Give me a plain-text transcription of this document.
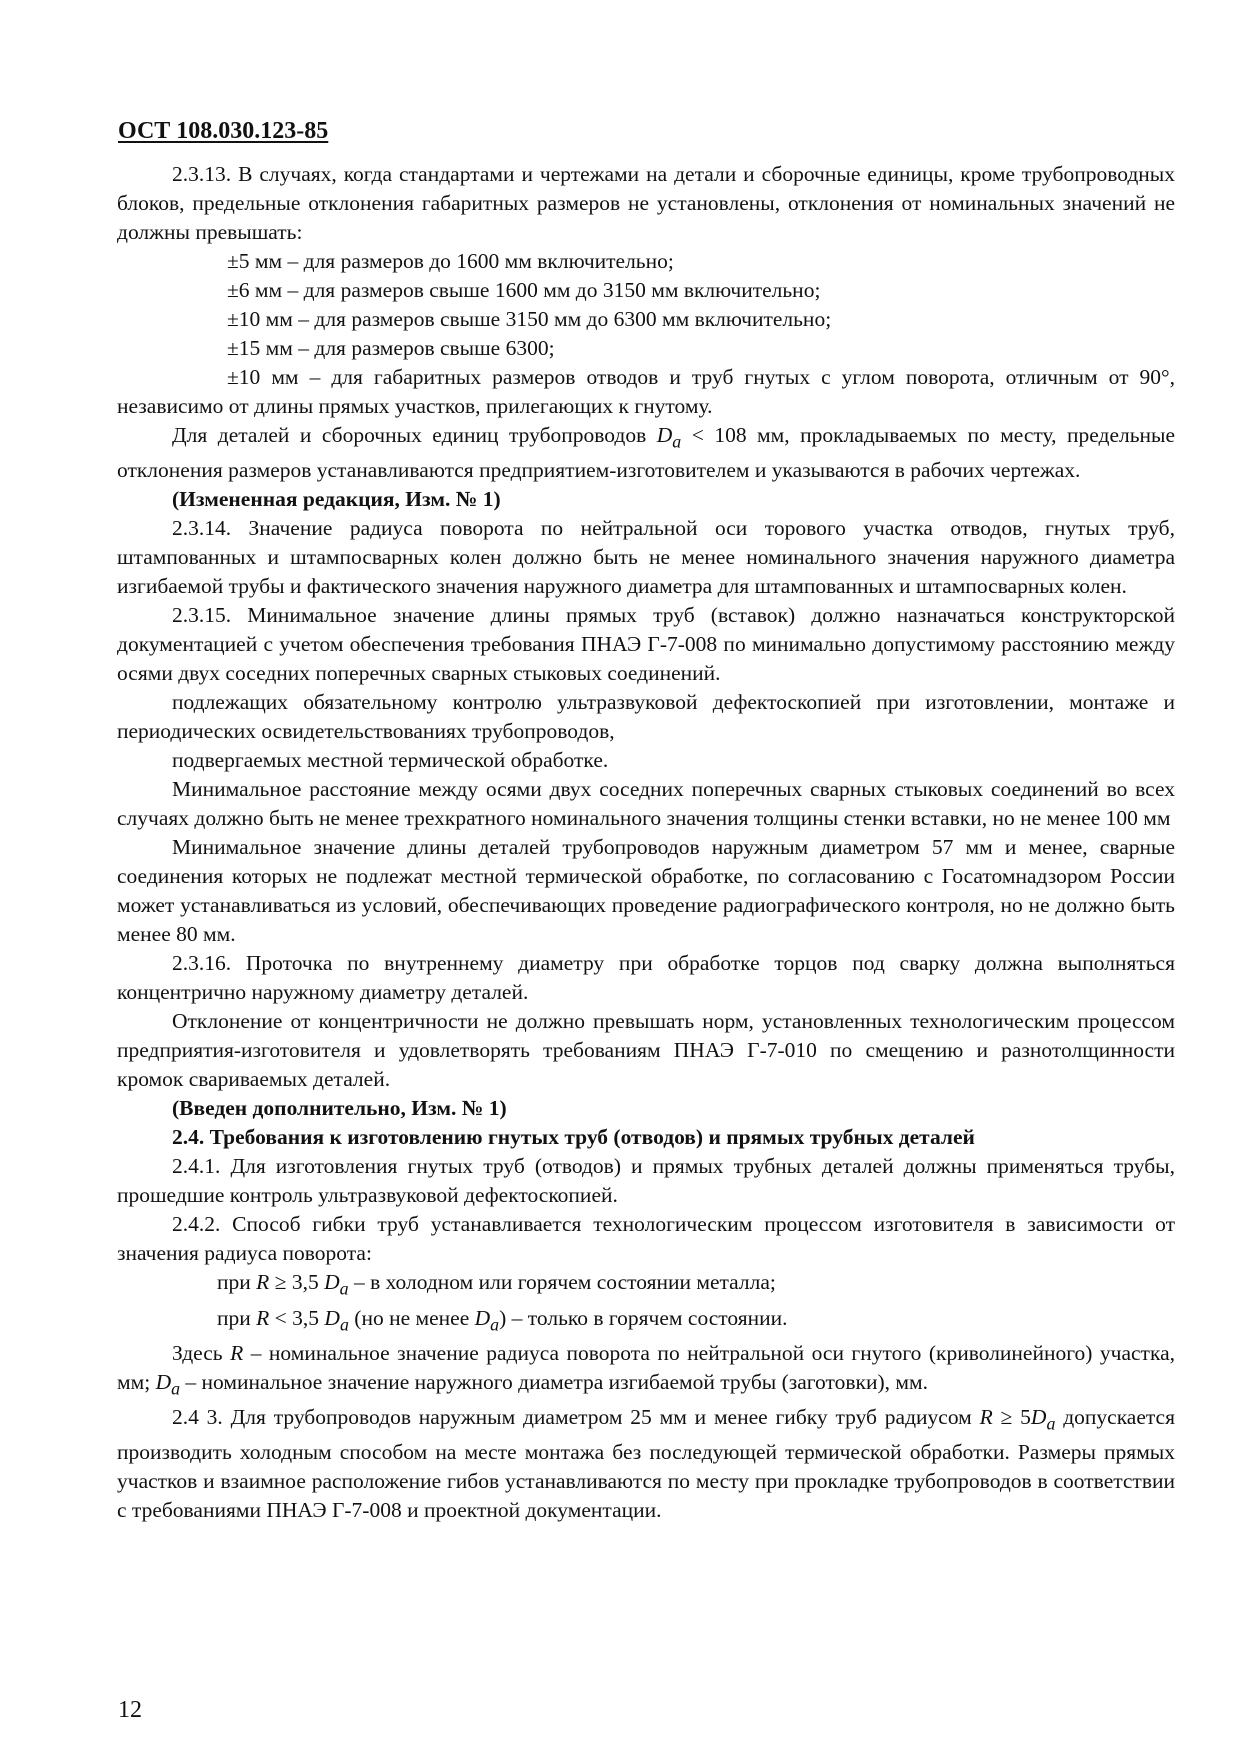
ОСТ 108.030.123-85

2.3.13. В случаях, когда стандартами и чертежами на детали и сборочные единицы, кроме трубопроводных блоков, предельные отклонения габаритных размеров не установлены, отклонения от номинальных значений не должны превышать:

±5 мм – для размеров до 1600 мм включительно;

±6 мм – для размеров свыше 1600 мм до 3150 мм включительно;

±10 мм – для размеров свыше 3150 мм до 6300 мм включительно;

±15 мм – для размеров свыше 6300;

±10 мм – для габаритных размеров отводов и труб гнутых с углом поворота, отличным от 90°, независимо от длины прямых участков, прилегающих к гнутому.

Для деталей и сборочных единиц трубопроводов $D_a < 108$ мм, прокладываемых по месту, предельные отклонения размеров устанавливаются предприятием-изготовителем и указываются в рабочих чертежах.

(Измененная редакция, Изм. № 1)

2.3.14. Значение радиуса поворота по нейтральной оси торового участка отводов, гнутых труб, штампованных и штампосварных колен должно быть не менее номинального значения наружного диаметра изгибаемой трубы и фактического значения наружного диаметра для штампованных и штампосварных колен.

2.3.15. Минимальное значение длины прямых труб (вставок) должно назначаться конструкторской документацией с учетом обеспечения требования ПНАЭ Г-7-008 по минимально допустимому расстоянию между осями двух соседних поперечных сварных стыковых соединений.

подлежащих обязательному контролю ультразвуковой дефектоскопией при изготовлении, монтаже и периодических освидетельствованиях трубопроводов,

подвергаемых местной термической обработке.

Минимальное расстояние между осями двух соседних поперечных сварных стыковых соединений во всех случаях должно быть не менее трехкратного номинального значения толщины стенки вставки, но не менее 100 мм

Минимальное значение длины деталей трубопроводов наружным диаметром 57 мм и менее, сварные соединения которых не подлежат местной термической обработке, по согласованию с Госатомнадзором России может устанавливаться из условий, обеспечивающих проведение радиографического контроля, но не должно быть менее 80 мм.

2.3.16. Проточка по внутреннему диаметру при обработке торцов под сварку должна выполняться концентрично наружному диаметру деталей.

Отклонение от концентричности не должно превышать норм, установленных технологическим процессом предприятия-изготовителя и удовлетворять требованиям ПНАЭ Г-7-010 по смещению и разнотолщинности кромок свариваемых деталей.

(Введен дополнительно, Изм. № 1)

2.4. Требования к изготовлению гнутых труб (отводов) и прямых трубных деталей

2.4.1. Для изготовления гнутых труб (отводов) и прямых трубных деталей должны применяться трубы, прошедшие контроль ультразвуковой дефектоскопией.

2.4.2. Способ гибки труб устанавливается технологическим процессом изготовителя в зависимости от значения радиуса поворота:

при R ≥ 3,5 $D_a$ – в холодном или горячем состоянии металла;

при R < 3,5 $D_a$ (но не менее $D_a$) – только в горячем состоянии.

Здесь R – номинальное значение радиуса поворота по нейтральной оси гнутого (криволинейного) участка, мм; $D_a$ – номинальное значение наружного диаметра изгибаемой трубы (заготовки), мм.

2.4 3. Для трубопроводов наружным диаметром 25 мм и менее гибку труб радиусом $R \ge 5D_a$ допускается производить холодным способом на месте монтажа без последующей термической обработки. Размеры прямых участков и взаимное расположение гибов устанавливаются по месту при прокладке трубопроводов в соответствии с требованиями ПНАЭ Г-7-008 и проектной документации.

12
